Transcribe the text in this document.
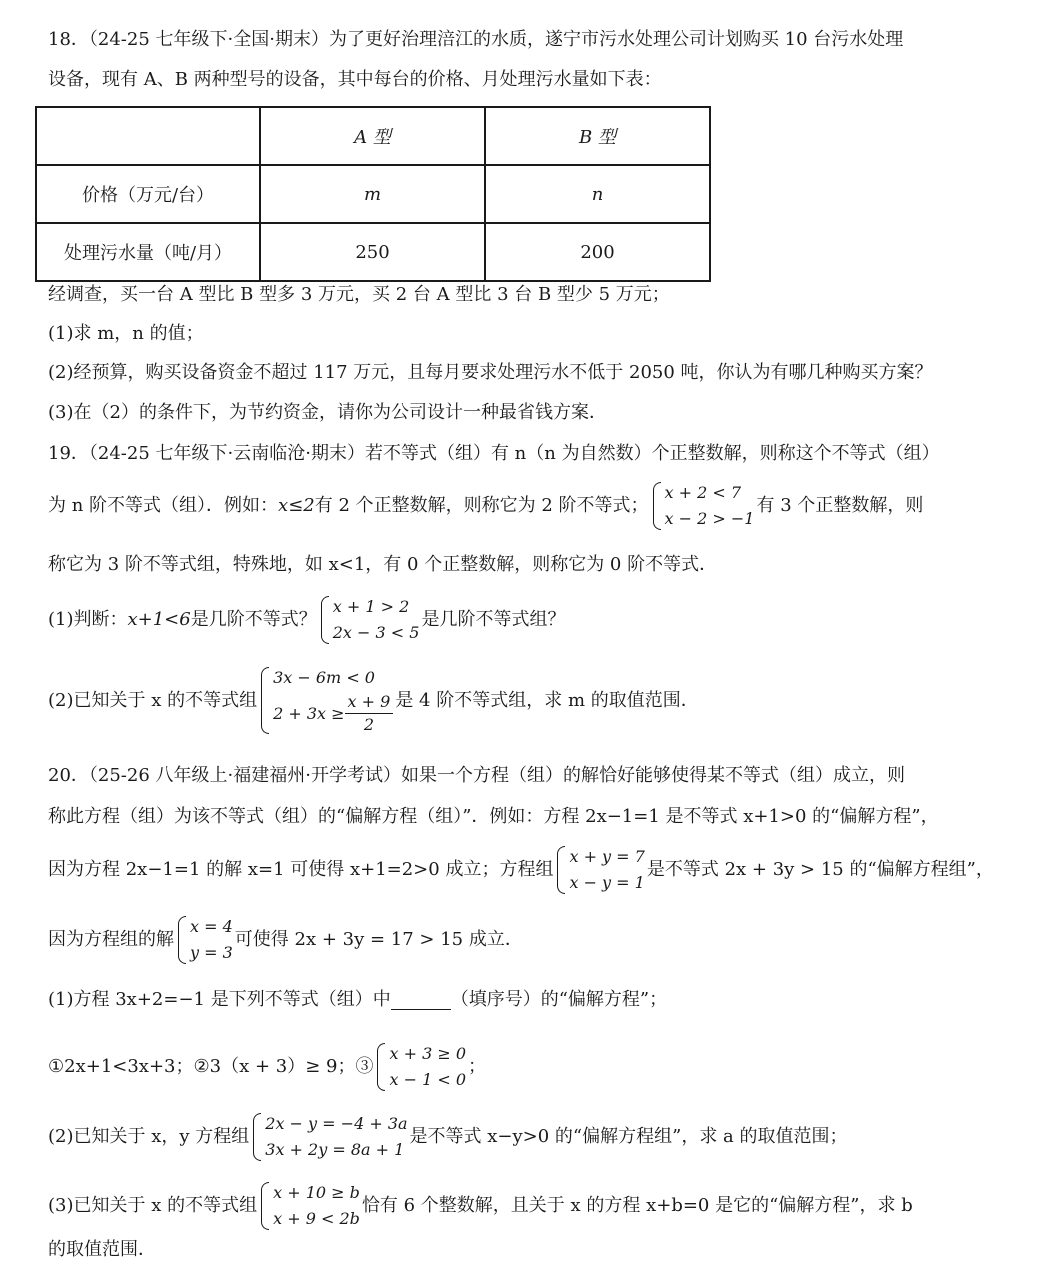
18．（24-25 七年级下·全国·期末）为了更好治理涪江的水质，遂宁市污水处理公司计划购买 10 台污水处理
设备，现有 A、B 两种型号的设备，其中每台的价格、月处理污水量如下表：
	A 型	B 型
价格（万元/台）	m	n
处理污水量（吨/月）	250	200
经调查，买一台 A 型比 B 型多 3 万元，买 2 台 A 型比 3 台 B 型少 5 万元；
(1)求 m，n 的值；
(2)经预算，购买设备资金不超过 117 万元，且每月要求处理污水不低于 2050 吨，你认为有哪几种购买方案？
(3)在（2）的条件下，为节约资金，请你为公司设计一种最省钱方案．
19．（24-25 七年级下·云南临沧·期末）若不等式（组）有 n（n 为自然数）个正整数解，则称这个不等式（组）
为 n 阶不等式（组）．例如： x≤2 有 2 个正整数解，则称它为 2 阶不等式；
x + 2 < 7
x − 2 > −1
有 3 个正整数解，则
称它为 3 阶不等式组，特殊地，如 x<1，有 0 个正整数解，则称它为 0 阶不等式．
(1)判断： x+1<6 是几阶不等式？
x + 1 > 2
2x − 3 < 5
是几阶不等式组？
(2)已知关于 x 的不等式组
3x − 6m < 0
$2 + 3x \ge \frac{x + 9}{2}$ 是 4 阶不等式组，求 m 的取值范围．
20．（25-26 八年级上·福建福州·开学考试）如果一个方程（组）的解恰好能够使得某不等式（组）成立，则
称此方程（组）为该不等式（组）的“偏解方程（组）”．例如：方程 2x−1=1 是不等式 x+1>0 的“偏解方程”，
因为方程 2x−1=1 的解 x=1 可使得 x+1=2>0 成立；方程组
x + y = 7
x − y = 1
是不等式 2x + 3y > 15 的“偏解方程组”，
因为方程组的解
x = 4
y = 3
可使得 2x + 3y = 17 > 15 成立．
(1)方程 3x+2=−1 是下列不等式（组）中	（填序号）的“偏解方程”；
①2x+1<3x+3；②3（x + 3）≥ 9；③
x + 3 ≥ 0
x − 1 < 0
；
(2)已知关于 x，y 方程组
2x − y = −4 + 3a
3x + 2y = 8a + 1
是不等式 x−y>0 的“偏解方程组”，求 a 的取值范围；
(3)已知关于 x 的不等式组
x + 10 ≥ b
x + 9 < 2b
恰有 6 个整数解，且关于 x 的方程 x+b=0 是它的“偏解方程”，求 b
的取值范围．
